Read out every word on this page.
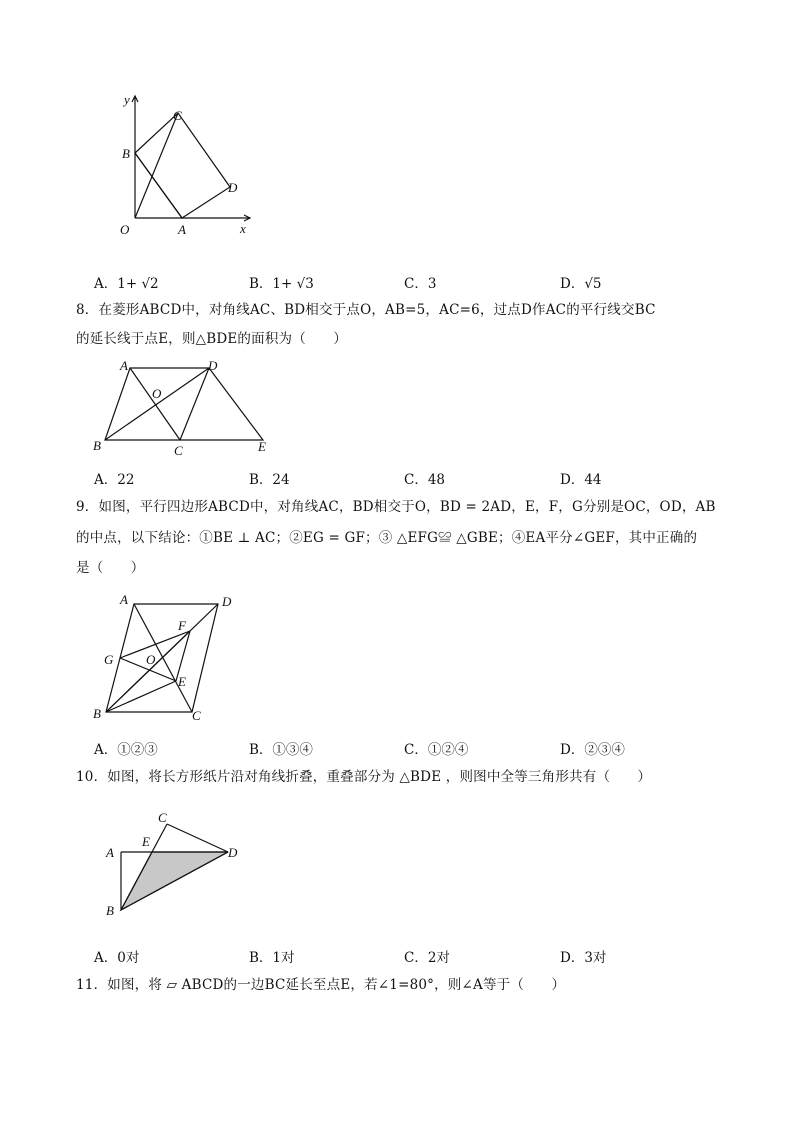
y
x
O	A
B
C
D
A．1+ √2	B．1+ √3	C．3	D．√5
8．在菱形ABCD中，对角线AC、BD相交于点O，AB=5，AC=6，过点D作AC的平行线交BC
的延长线于点E，则△BDE的面积为（　　）
A	D
O
B	C	E
A．22	B．24	C．48	D．44
9．如图，平行四边形ABCD中，对角线AC，BD相交于O，BD = 2AD，E，F，G分别是OC，OD，AB
的中点，以下结论：①BE ⊥ AC；②EG = GF；③ △EFG≌ △GBE；④EA平分∠GEF，其中正确的
是（　　）
A	D
F
G	O
E
B	C
A．①②③	B．①③④	C．①②④	D．②③④
10．如图，将长方形纸片沿对角线折叠，重叠部分为 △BDE ，则图中全等三角形共有（　　）
C
E
A	D
B
A．0对	B．1对	C．2对	D．3对
11．如图，将 ▱ ABCD的一边BC延长至点E，若∠1=80°，则∠A等于（　　）
